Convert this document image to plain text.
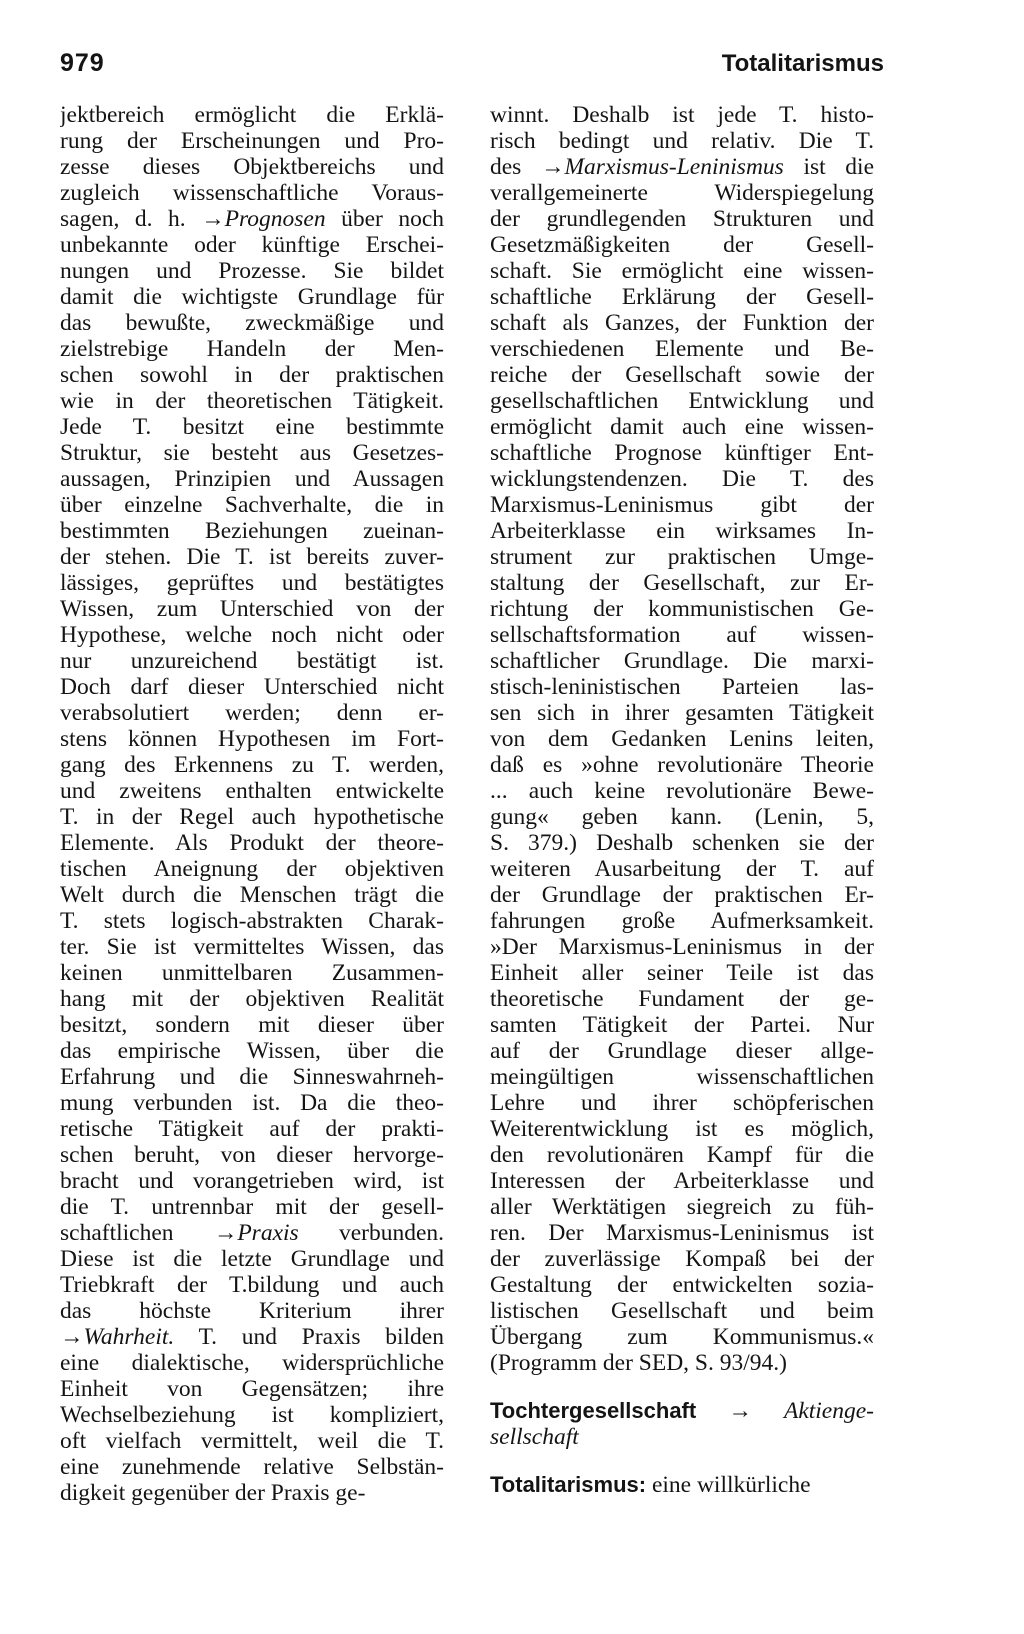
979	Totalitarismus
jektbereich ermöglicht die Erklä-
rung der Erscheinungen und Pro-
zesse dieses Objektbereichs und
zugleich wissenschaftliche Voraus-
sagen, d. h. →Prognosen über noch
unbekannte oder künftige Erschei-
nungen und Prozesse. Sie bildet
damit die wichtigste Grundlage für
das bewußte, zweckmäßige und
zielstrebige Handeln der Men-
schen sowohl in der praktischen
wie in der theoretischen Tätigkeit.
Jede T. besitzt eine bestimmte
Struktur, sie besteht aus Gesetzes-
aussagen, Prinzipien und Aussagen
über einzelne Sachverhalte, die in
bestimmten Beziehungen zueinan-
der stehen. Die T. ist bereits zuver-
lässiges, geprüftes und bestätigtes
Wissen, zum Unterschied von der
Hypothese, welche noch nicht oder
nur unzureichend bestätigt ist.
Doch darf dieser Unterschied nicht
verabsolutiert werden; denn er-
stens können Hypothesen im Fort-
gang des Erkennens zu T. werden,
und zweitens enthalten entwickelte
T. in der Regel auch hypothetische
Elemente. Als Produkt der theore-
tischen Aneignung der objektiven
Welt durch die Menschen trägt die
T. stets logisch-abstrakten Charak-
ter. Sie ist vermitteltes Wissen, das
keinen unmittelbaren Zusammen-
hang mit der objektiven Realität
besitzt, sondern mit dieser über
das empirische Wissen, über die
Erfahrung und die Sinneswahrneh-
mung verbunden ist. Da die theo-
retische Tätigkeit auf der prakti-
schen beruht, von dieser hervorge-
bracht und vorangetrieben wird, ist
die T. untrennbar mit der gesell-
schaftlichen →Praxis verbunden.
Diese ist die letzte Grundlage und
Triebkraft der T.bildung und auch
das höchste Kriterium ihrer
→Wahrheit. T. und Praxis bilden
eine dialektische, widersprüchliche
Einheit von Gegensätzen; ihre
Wechselbeziehung ist kompliziert,
oft vielfach vermittelt, weil die T.
eine zunehmende relative Selbstän-
digkeit gegenüber der Praxis ge-
winnt. Deshalb ist jede T. histo-
risch bedingt und relativ. Die T.
des →Marxismus-Leninismus ist die
verallgemeinerte Widerspiegelung
der grundlegenden Strukturen und
Gesetzmäßigkeiten der Gesell-
schaft. Sie ermöglicht eine wissen-
schaftliche Erklärung der Gesell-
schaft als Ganzes, der Funktion der
verschiedenen Elemente und Be-
reiche der Gesellschaft sowie der
gesellschaftlichen Entwicklung und
ermöglicht damit auch eine wissen-
schaftliche Prognose künftiger Ent-
wicklungstendenzen. Die T. des
Marxismus-Leninismus gibt der
Arbeiterklasse ein wirksames In-
strument zur praktischen Umge-
staltung der Gesellschaft, zur Er-
richtung der kommunistischen Ge-
sellschaftsformation auf wissen-
schaftlicher Grundlage. Die marxi-
stisch-leninistischen Parteien las-
sen sich in ihrer gesamten Tätigkeit
von dem Gedanken Lenins leiten,
daß es »ohne revolutionäre Theorie
... auch keine revolutionäre Bewe-
gung« geben kann. (Lenin, 5,
S. 379.) Deshalb schenken sie der
weiteren Ausarbeitung der T. auf
der Grundlage der praktischen Er-
fahrungen große Aufmerksamkeit.
»Der Marxismus-Leninismus in der
Einheit aller seiner Teile ist das
theoretische Fundament der ge-
samten Tätigkeit der Partei. Nur
auf der Grundlage dieser allge-
meingültigen wissenschaftlichen
Lehre und ihrer schöpferischen
Weiterentwicklung ist es möglich,
den revolutionären Kampf für die
Interessen der Arbeiterklasse und
aller Werktätigen siegreich zu füh-
ren. Der Marxismus-Leninismus ist
der zuverlässige Kompaß bei der
Gestaltung der entwickelten sozia-
listischen Gesellschaft und beim
Übergang zum Kommunismus.«
(Programm der SED, S. 93/94.)
Tochtergesellschaft → Aktienge-
sellschaft
Totalitarismus: eine willkürliche
